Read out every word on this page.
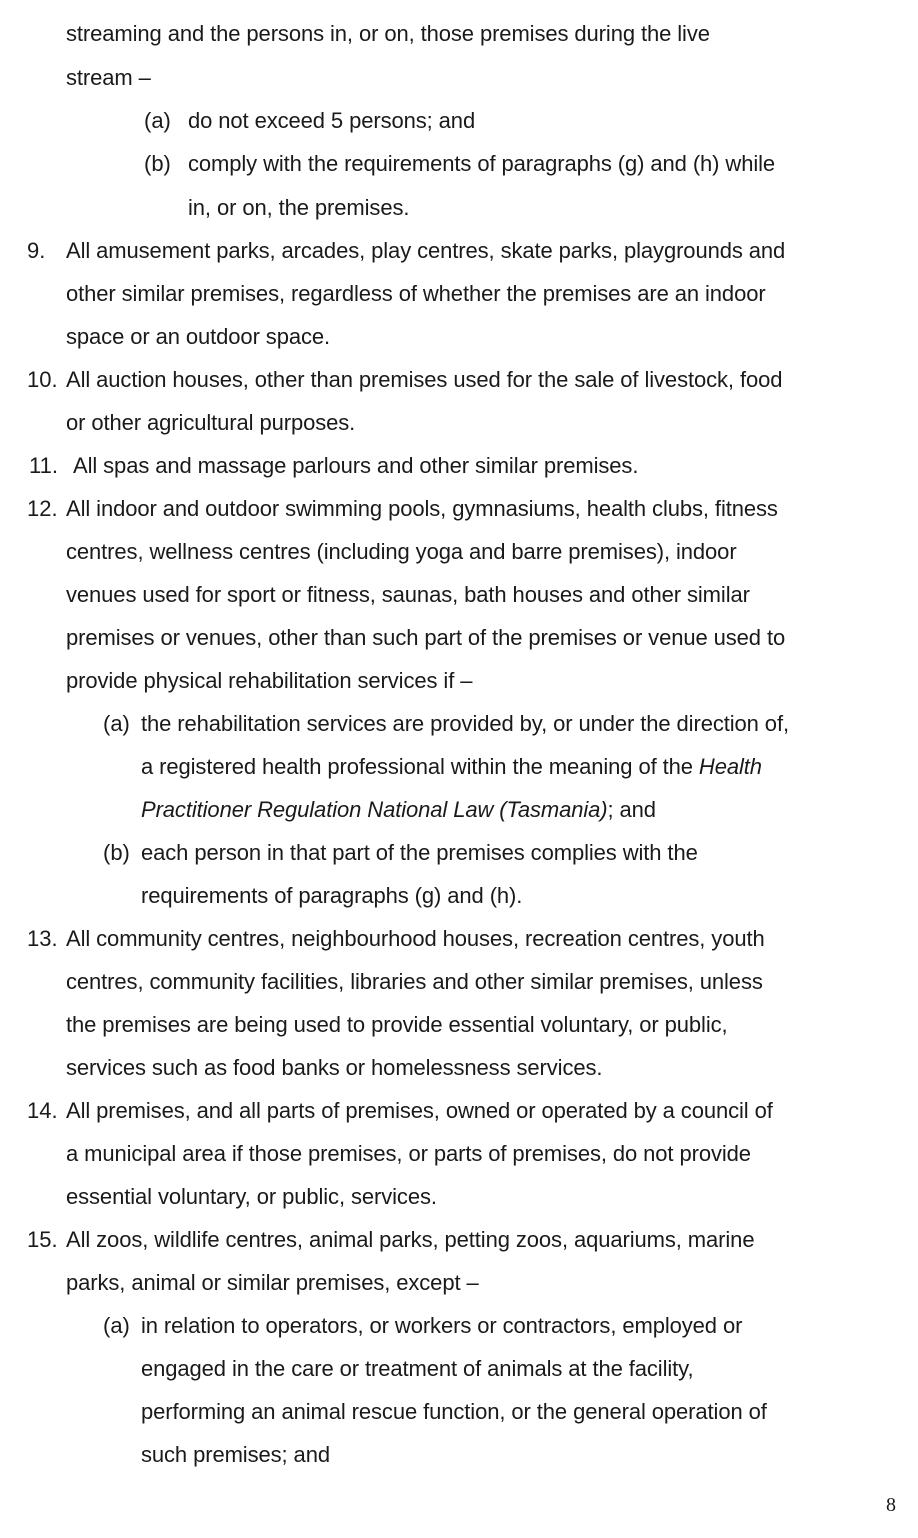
streaming and the persons in, or on, those premises during the live
stream –
(a) do not exceed 5 persons; and
(b) comply with the requirements of paragraphs (g) and (h) while
in, or on, the premises.
9. All amusement parks, arcades, play centres, skate parks, playgrounds and
other similar premises, regardless of whether the premises are an indoor
space or an outdoor space.
10. All auction houses, other than premises used for the sale of livestock, food
or other agricultural purposes.
11. All spas and massage parlours and other similar premises.
12. All indoor and outdoor swimming pools, gymnasiums, health clubs, fitness
centres, wellness centres (including yoga and barre premises), indoor
venues used for sport or fitness, saunas, bath houses and other similar
premises or venues, other than such part of the premises or venue used to
provide physical rehabilitation services if –
(a) the rehabilitation services are provided by, or under the direction of,
a registered health professional within the meaning of the Health
Practitioner Regulation National Law (Tasmania); and
(b) each person in that part of the premises complies with the
requirements of paragraphs (g) and (h).
13. All community centres, neighbourhood houses, recreation centres, youth
centres, community facilities, libraries and other similar premises, unless
the premises are being used to provide essential voluntary, or public,
services such as food banks or homelessness services.
14. All premises, and all parts of premises, owned or operated by a council of
a municipal area if those premises, or parts of premises, do not provide
essential voluntary, or public, services.
15. All zoos, wildlife centres, animal parks, petting zoos, aquariums, marine
parks, animal or similar premises, except –
(a) in relation to operators, or workers or contractors, employed or
engaged in the care or treatment of animals at the facility,
performing an animal rescue function, or the general operation of
such premises; and
8
